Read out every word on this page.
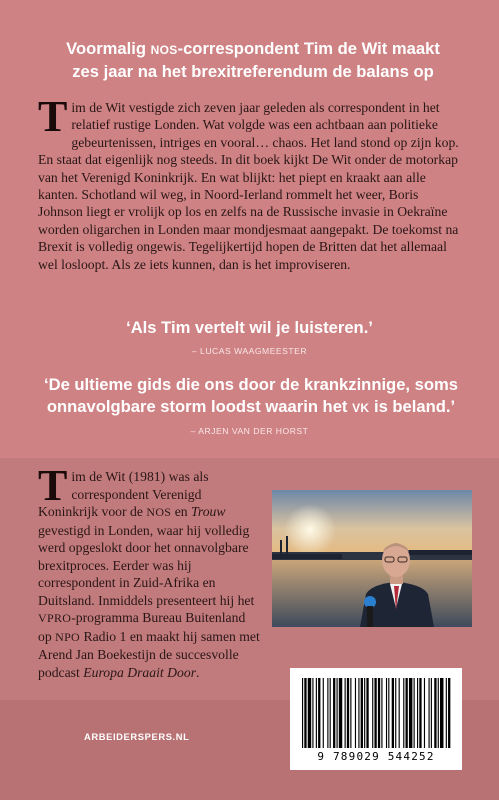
Voormalig NOS-correspondent Tim de Wit maakt
zes jaar na het brexitreferendum de balans op

Tim de Wit vestigde zich zeven jaar geleden als correspondent in het relatief rustige Londen. Wat volgde was een achtbaan aan politieke gebeurtenissen, intriges en vooral… chaos. Het land stond op zijn kop. En staat dat eigenlijk nog steeds. In dit boek kijkt De Wit onder de motorkap van het Verenigd Koninkrijk. En wat blijkt: het piept en kraakt aan alle kanten. Schotland wil weg, in Noord-Ierland rommelt het weer, Boris Johnson liegt er vrolijk op los en zelfs na de Russische invasie in Oekraïne worden oligarchen in Londen maar mondjesmaat aangepakt. De toekomst na Brexit is volledig ongewis. Tegelijkertijd hopen de Britten dat het allemaal wel losloopt. Als ze iets kunnen, dan is het improviseren.

‘Als Tim vertelt wil je luisteren.’
– LUCAS WAAGMEESTER
‘De ultieme gids die ons door de krankzinnige, soms onnavolgbare storm loodst waarin het VK is beland.’
– ARJEN VAN DER HORST

Tim de Wit (1981) was als correspondent Verenigd Koninkrijk voor de NOS en Trouw gevestigd in Londen, waar hij volledig werd opgeslokt door het onnavolgbare brexitproces. Eerder was hij correspondent in Zuid-Afrika en Duitsland. Inmiddels presenteert hij het VPRO-programma Bureau Buitenland op NPO Radio 1 en maakt hij samen met Arend Jan Boekestijn de succesvolle podcast Europa Draait Door.

ARBEIDERSPERS.NL
9 789029 544252
